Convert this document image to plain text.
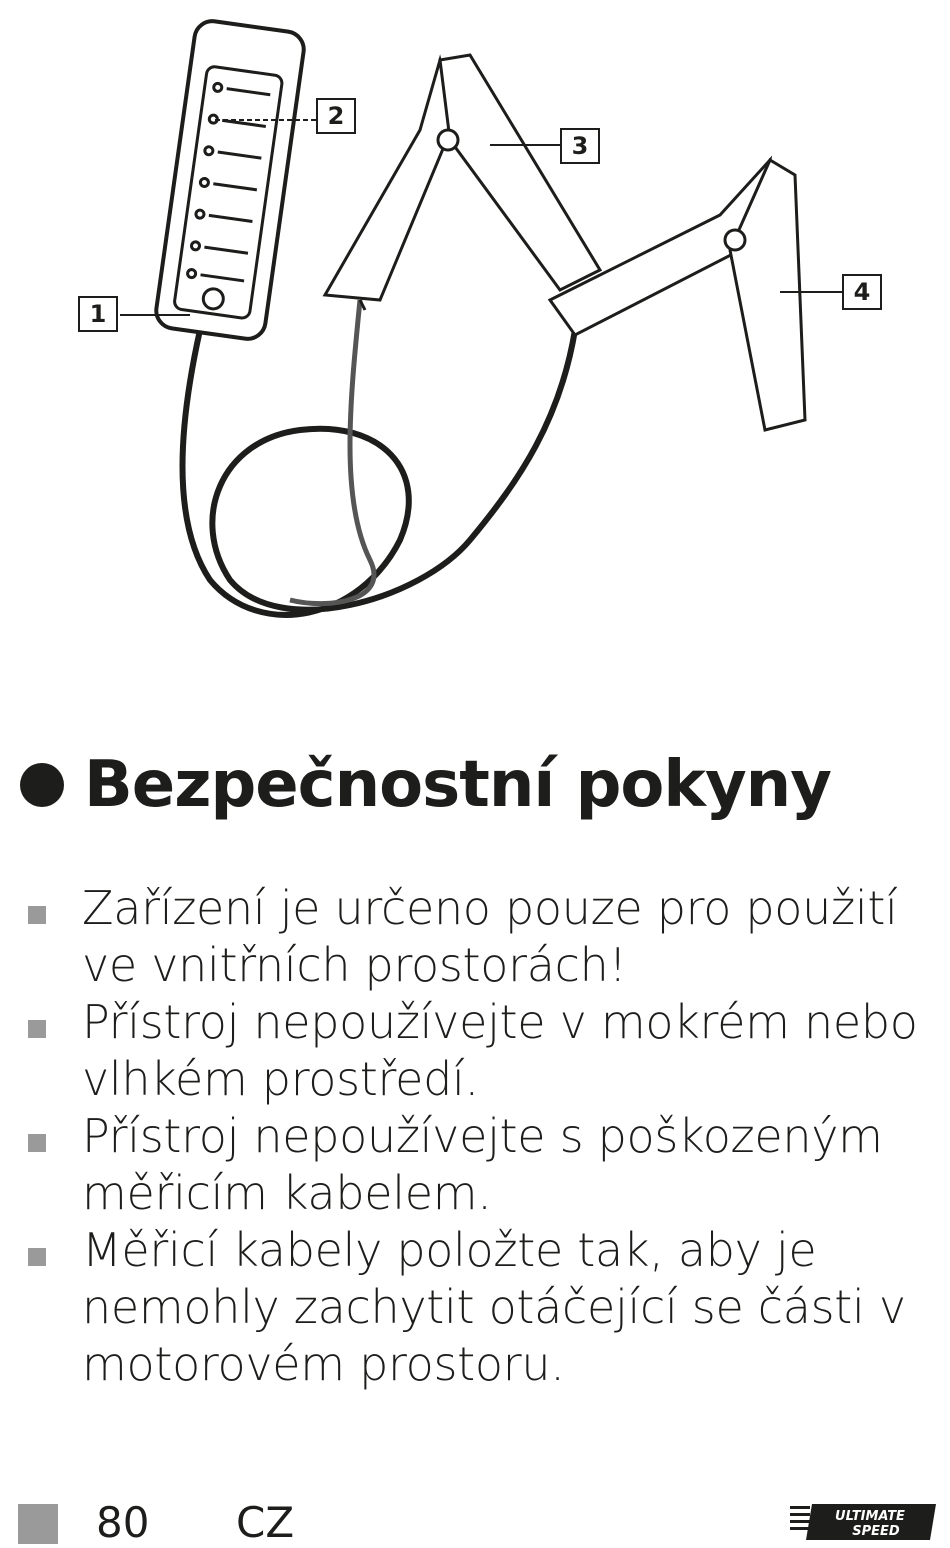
1
2
3
4
Bezpečnostní pokyny
Zařízení je určeno pouze pro použití ve vnitřních prostorách!
Přístroj nepoužívejte v mokrém nebo vlhkém prostředí.
Přístroj nepoužívejte s poškozeným měřicím kabelem.
Měřicí kabely položte tak, aby je nemohly zachytit otáčející se části v motorovém prostoru.
80 CZ	ULTIMATE
SPEED
